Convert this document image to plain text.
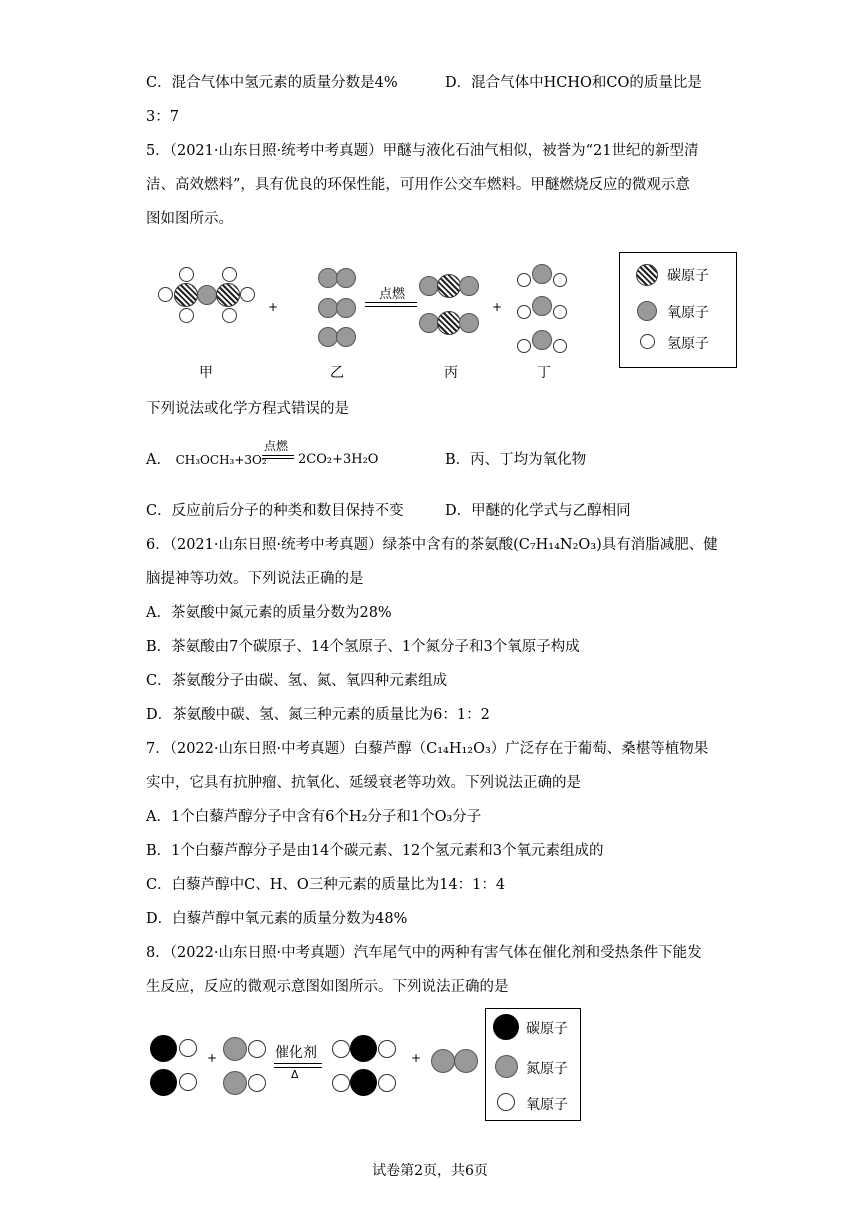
C．混合气体中氢元素的质量分数是4%	D．混合气体中HCHO和CO的质量比是
3：7
5．（2021·山东日照·统考中考真题）甲醚与液化石油气相似，被誉为“21世纪的新型清
洁、高效燃料”，具有优良的环保性能，可用作公交车燃料。甲醚燃烧反应的微观示意
图如图所示。
+
点燃
+
甲	乙	丙	丁
碳原子
氧原子
氢原子
下列说法或化学方程式错误的是
A． CH₃OCH₃+3O₂
点燃
2CO₂+3H₂O	B．丙、丁均为氧化物
C．反应前后分子的种类和数目保持不变	D．甲醚的化学式与乙醇相同
6．（2021·山东日照·统考中考真题）绿茶中含有的茶氨酸(C₇H₁₄N₂O₃)具有消脂减肥、健
脑提神等功效。下列说法正确的是
A．茶氨酸中氮元素的质量分数为28%
B．茶氨酸由7个碳原子、14个氢原子、1个氮分子和3个氧原子构成
C．茶氨酸分子由碳、氢、氮、氧四种元素组成
D．茶氨酸中碳、氢、氮三种元素的质量比为6：1：2
7．（2022·山东日照·中考真题）白藜芦醇（C₁₄H₁₂O₃）广泛存在于葡萄、桑椹等植物果
实中，它具有抗肿瘤、抗氧化、延缓衰老等功效。下列说法正确的是
A．1个白藜芦醇分子中含有6个H₂分子和1个O₃分子
B．1个白藜芦醇分子是由14个碳元素、12个氢元素和3个氧元素组成的
C．白藜芦醇中C、H、O三种元素的质量比为14：1：4
D．白藜芦醇中氧元素的质量分数为48%
8．（2022·山东日照·中考真题）汽车尾气中的两种有害气体在催化剂和受热条件下能发
生反应，反应的微观示意图如图所示。下列说法正确的是
+	催化剂
Δ
+
碳原子
氮原子
氧原子
试卷第2页，共6页
